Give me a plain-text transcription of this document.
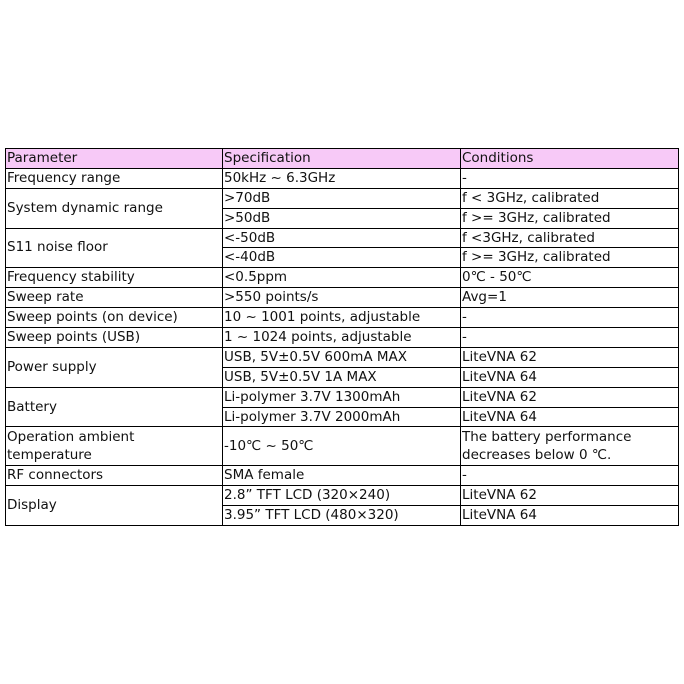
Parameter	Specification	Conditions
Frequency range	50kHz ~ 6.3GHz	-
System dynamic range	>70dB	f < 3GHz, calibrated
	>50dB	f >= 3GHz, calibrated
S11 noise floor	<-50dB	f <3GHz, calibrated
	<-40dB	f >= 3GHz, calibrated
Frequency stability	<0.5ppm	0℃ - 50℃
Sweep rate	>550 points/s	Avg=1
Sweep points (on device)	10 ~ 1001 points, adjustable	-
Sweep points (USB)	1 ~ 1024 points, adjustable	-
Power supply	USB, 5V±0.5V 600mA MAX	LiteVNA 62
	USB, 5V±0.5V 1A MAX	LiteVNA 64
Battery	Li-polymer 3.7V 1300mAh	LiteVNA 62
	Li-polymer 3.7V 2000mAh	LiteVNA 64
Operation ambient temperature	-10℃ ~ 50℃	The battery performance decreases below 0 ℃.
RF connectors	SMA female	-
Display	2.8” TFT LCD (320×240)	LiteVNA 62
	3.95” TFT LCD (480×320)	LiteVNA 64
